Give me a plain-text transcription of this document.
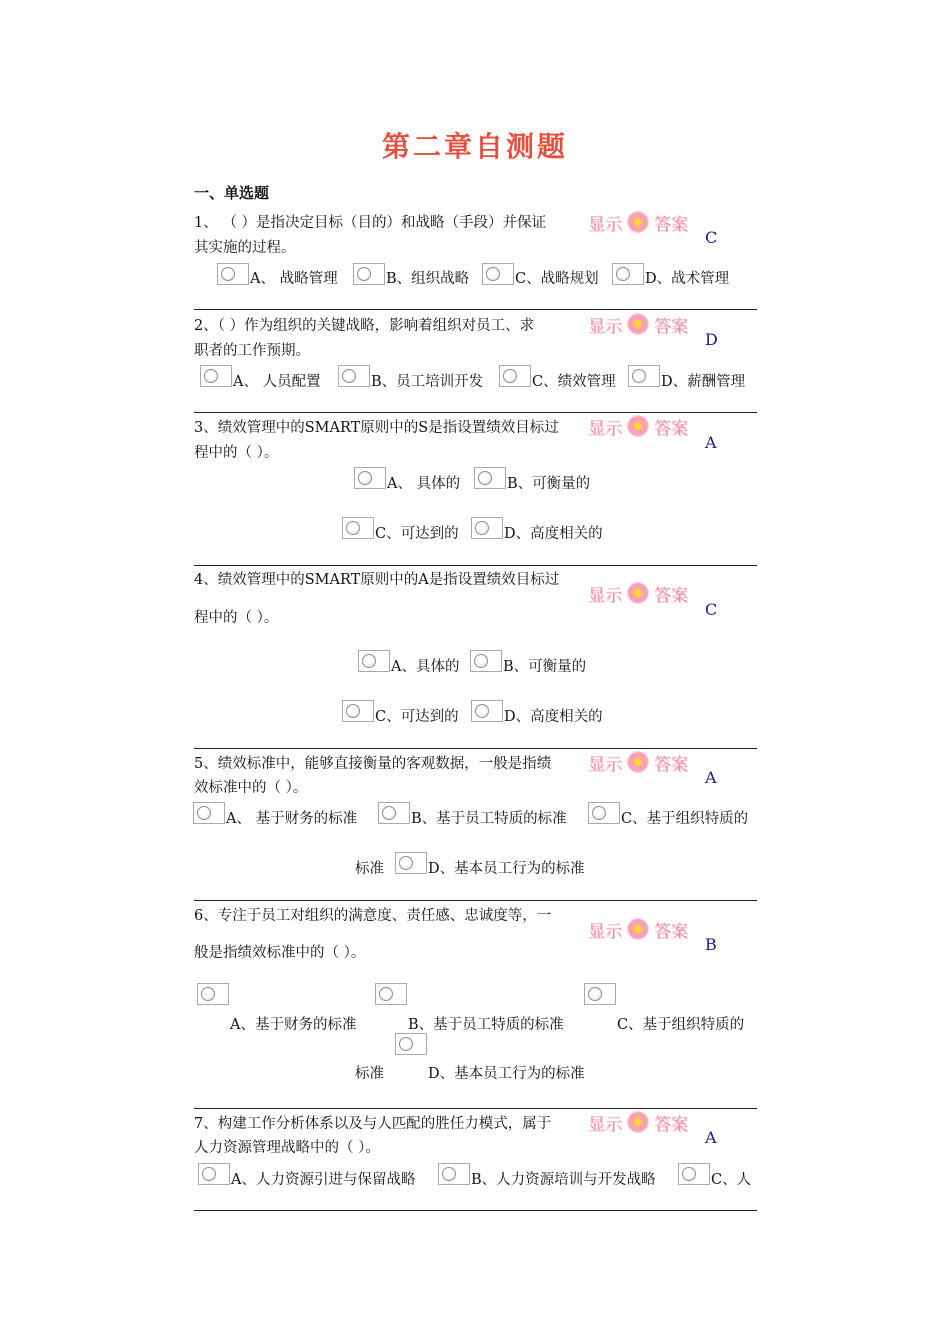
第二章自测题
一、单选题
1、 （ ）是指决定目标（目的）和战略（手段）并保证
其实施的过程。
显示 答案
C
A、 战略管理	B、组织战略	C、战略规划	D、战术管理
2、（ ）作为组织的关键战略，影响着组织对员工、求
职者的工作预期。
显示 答案
D
A、 人员配置	B、员工培训开发	C、绩效管理	D、薪酬管理
3、绩效管理中的SMART原则中的S是指设置绩效目标过
程中的（ ）。
显示 答案
A
A、 具体的	B、可衡量的
C、可达到的	D、高度相关的
4、绩效管理中的SMART原则中的A是指设置绩效目标过
程中的（ ）。
显示 答案
C
A、具体的	B、可衡量的
C、可达到的	D、高度相关的
5、绩效标准中，能够直接衡量的客观数据，一般是指绩
效标准中的（ ）。
显示 答案
A
A、 基于财务的标准	B、基于员工特质的标准	C、基于组织特质的
标准	D、基本员工行为的标准
6、专注于员工对组织的满意度、责任感、忠诚度等，一
般是指绩效标准中的（ ）。
显示 答案
B
A、基于财务的标准	B、基于员工特质的标准	C、基于组织特质的
标准	D、基本员工行为的标准
7、构建工作分析体系以及与人匹配的胜任力模式，属于
人力资源管理战略中的（ ）。
显示 答案
A
A、人力资源引进与保留战略	B、人力资源培训与开发战略	C、人
